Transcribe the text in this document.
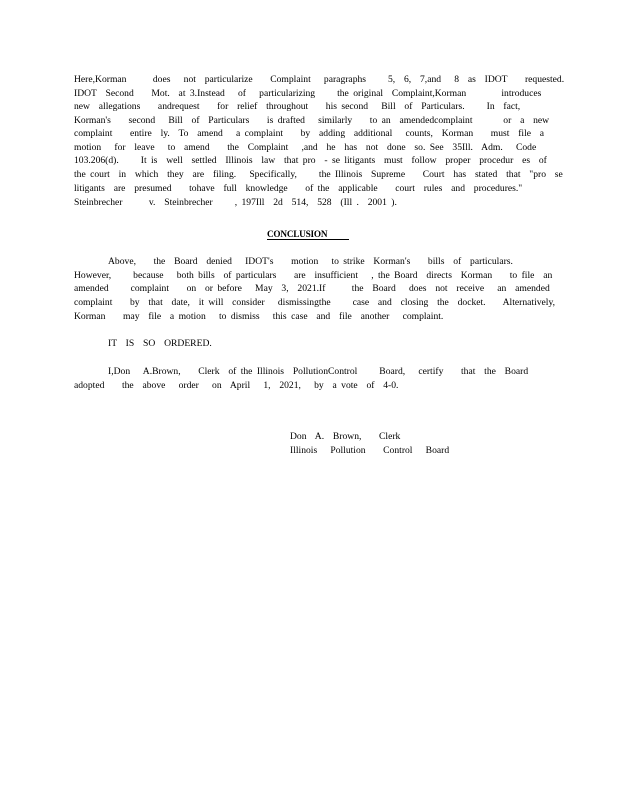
Here,Korman      does   not  particularize    Complaint   paragraphs     5,  6,  7,and   8  as  IDOT    requested.
IDOT  Second    Mot.  at 3.Instead   of   particularizing     the original  Complaint,Korman        introduces
new  allegations    andrequest    for  relief  throughout    his second   Bill  of  Particulars.     In  fact,
Korman's    second   Bill  of  Particulars    is drafted   similarly    to an  amendedcomplaint       or  a  new
complaint    entire  ly.  To  amend   a complaint    by  adding  additional   counts,  Korman    must  file  a
motion   for  leave   to  amend    the  Complaint   ,and  he  has  not  done  so. See  35Ill.  Adm.   Code
103.206(d).     It is  well  settled  Illinois  law  that pro  - se litigants  must  follow  proper  procedur  es  of
the court  in  which  they  are  filing.   Specifically,     the Illinois  Supreme    Court  has  stated  that  "pro  se
litigants  are  presumed    tohave  full  knowledge    of the  applicable    court  rules  and  procedures."
Steinbrecher      v.  Steinbrecher     , 197Ill  2d  514,  528  (Ill .  2001 ).
CONCLUSION
Above,    the  Board  denied   IDOT's    motion   to strike  Korman's    bills  of  particulars.
However,     because   both bills  of particulars    are  insufficient   , the Board  directs  Korman    to file  an
amended     complaint    on  or before   May  3,  2021.If      the  Board   does  not  receive   an  amended
complaint    by  that  date,  it will  consider   dismissingthe     case  and  closing  the  docket.    Alternatively,
Korman    may  file  a motion   to dismiss   this case  and  file  another   complaint.
IT  IS  SO  ORDERED.
I,Don   A.Brown,    Clerk  of the Illinois  PollutionControl     Board,   certify    that  the  Board
adopted    the  above   order   on  April   1,  2021,   by  a vote  of  4-0.
Don  A.  Brown,    Clerk
Illinois   Pollution    Control   Board
